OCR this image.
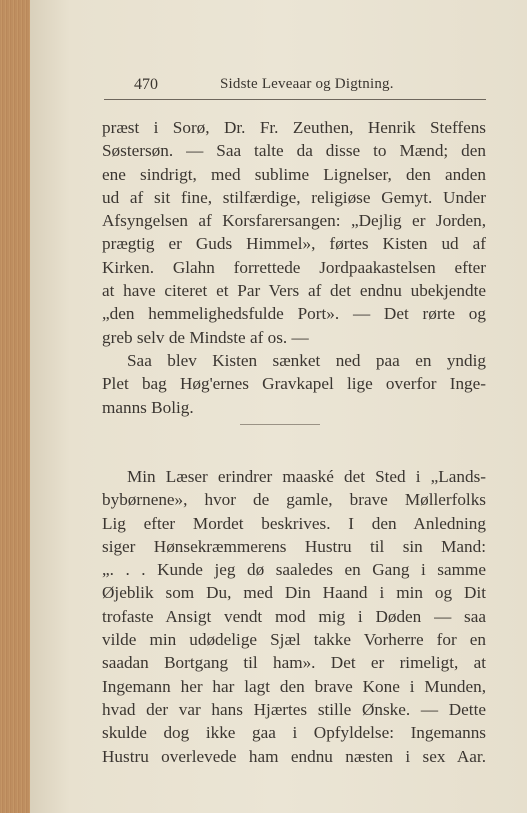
470	Sidste Leveaar og Digtning.

præst i Sorø, Dr. Fr. Zeuthen, Henrik Steffens
Søstersøn. — Saa talte da disse to Mænd; den
ene sindrigt, med sublime Lignelser, den anden
ud af sit fine, stilfærdige, religiøse Gemyt. Under
Afsyngelsen af Korsfarersangen: „Dejlig er Jorden,
prægtig er Guds Himmel», førtes Kisten ud af
Kirken. Glahn forrettede Jordpaakastelsen efter
at have citeret et Par Vers af det endnu ubekjendte
„den hemmelighedsfulde Port». — Det rørte og
greb selv de Mindste af os. —

Saa blev Kisten sænket ned paa en yndig
Plet bag Høg'ernes Gravkapel lige overfor Inge-
manns Bolig.

Min Læser erindrer maaské det Sted i „Lands-
bybørnene», hvor de gamle, brave Møllerfolks
Lig efter Mordet beskrives. I den Anledning
siger Hønsekræmmerens Hustru til sin Mand:
„. . . Kunde jeg dø saaledes en Gang i samme
Øjeblik som Du, med Din Haand i min og Dit
trofaste Ansigt vendt mod mig i Døden — saa
vilde min udødelige Sjæl takke Vorherre for en
saadan Bortgang til ham». Det er rimeligt, at
Ingemann her har lagt den brave Kone i Munden,
hvad der var hans Hjærtes stille Ønske. — Dette
skulde dog ikke gaa i Opfyldelse: Ingemanns
Hustru overlevede ham endnu næsten i sex Aar.
